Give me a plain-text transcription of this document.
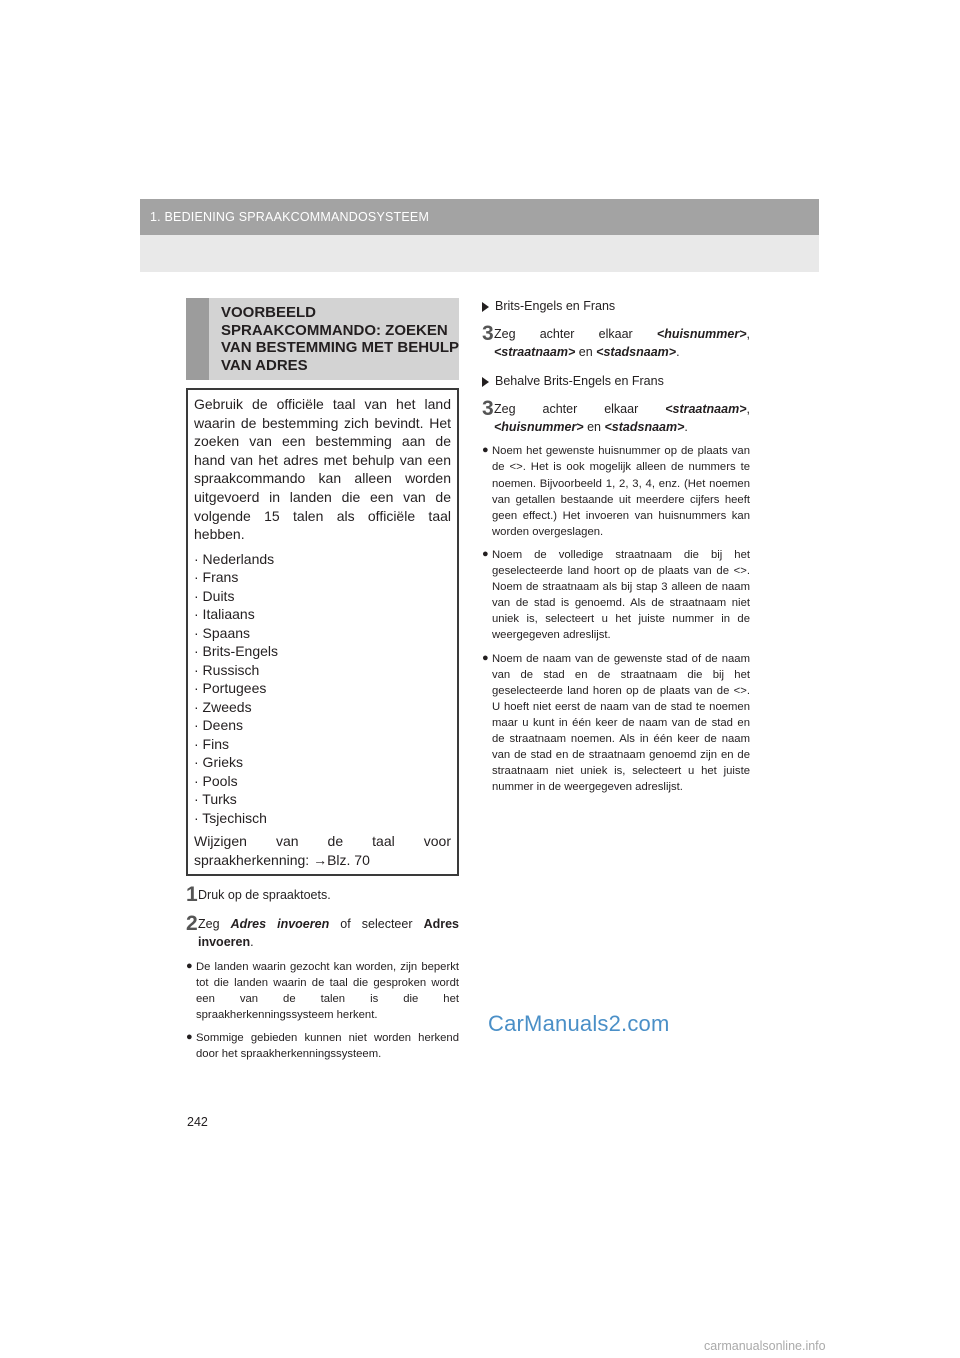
1. BEDIENING SPRAAKCOMMANDOSYSTEEM
VOORBEELD SPRAAKCOMMANDO: ZOEKEN VAN BESTEMMING MET BEHULP VAN ADRES

Gebruik de officiële taal van het land waarin de bestemming zich bevindt. Het zoeken van een bestemming aan de hand van het adres met behulp van een spraakcommando kan alleen worden uitgevoerd in landen die een van de volgende 15 talen als officiële taal hebben.

· Nederlands
· Frans
· Duits
· Italiaans
· Spaans
· Brits-Engels
· Russisch
· Portugees
· Zweeds
· Deens
· Fins
· Grieks
· Pools
· Turks
· Tsjechisch

Wijzigen van de taal voor spraakherkenning: →Blz. 70

1 Druk op de spraaktoets.
2 Zeg Adres invoeren of selecteer Adres invoeren.
● De landen waarin gezocht kan worden, zijn beperkt tot die landen waarin de taal die gesproken wordt een van de talen is die het spraakherkenningssysteem herkent.
● Sommige gebieden kunnen niet worden herkend door het spraakherkenningssysteem.
Brits-Engels en Frans
3 Zeg achter elkaar <huisnummer>, <straatnaam> en <stadsnaam>.
Behalve Brits-Engels en Frans
3 Zeg achter elkaar <straatnaam>, <huisnummer> en <stadsnaam>.
● Noem het gewenste huisnummer op de plaats van de <>. Het is ook mogelijk alleen de nummers te noemen. Bijvoorbeeld 1, 2, 3, 4, enz. (Het noemen van getallen bestaande uit meerdere cijfers heeft geen effect.) Het invoeren van huisnummers kan worden overgeslagen.
● Noem de volledige straatnaam die bij het geselecteerde land hoort op de plaats van de <>. Noem de straatnaam als bij stap 3 alleen de naam van de stad is genoemd. Als de straatnaam niet uniek is, selecteert u het juiste nummer in de weergegeven adreslijst.
● Noem de naam van de gewenste stad of de naam van de stad en de straatnaam die bij het geselecteerde land horen op de plaats van de <>. U hoeft niet eerst de naam van de stad te noemen maar u kunt in één keer de naam van de stad en de straatnaam noemen. Als in één keer de naam van de stad en de straatnaam genoemd zijn en de straatnaam niet uniek is, selecteert u het juiste nummer in de weergegeven adreslijst.
CarManuals2.com
242
carmanualsonline.info
